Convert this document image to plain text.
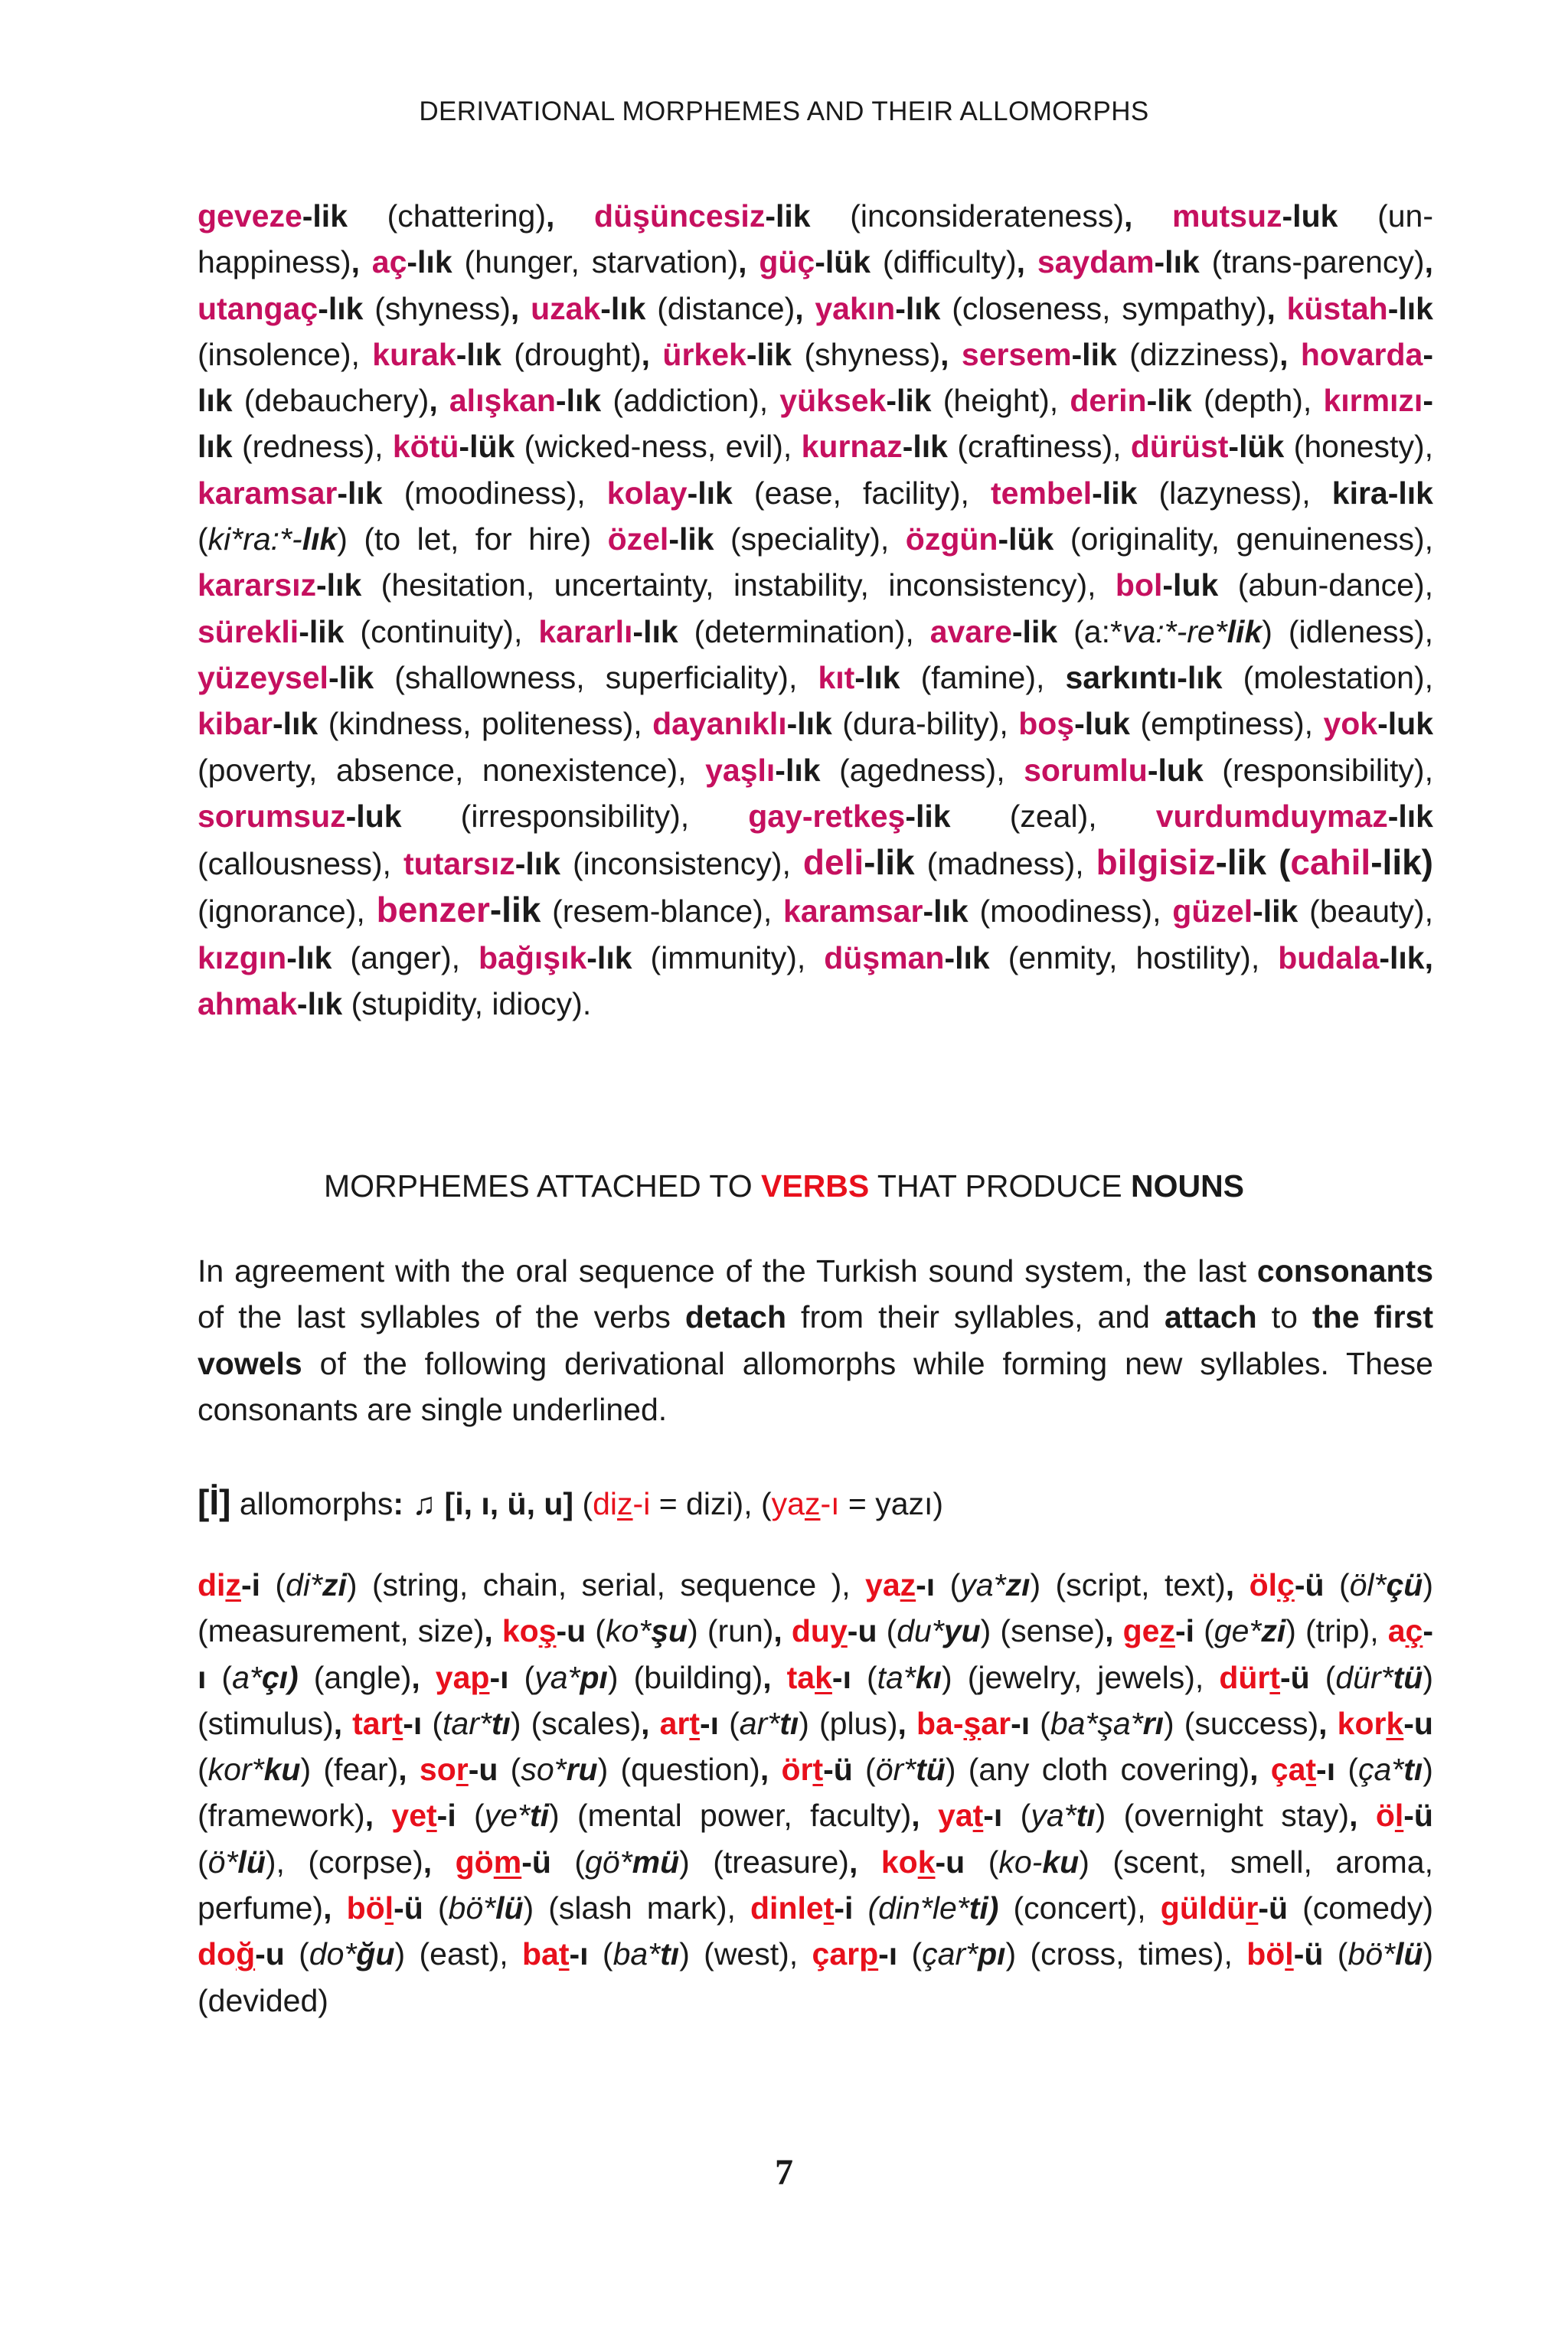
DERIVATIONAL MORPHEMES AND THEIR ALLOMORPHS
geveze-lik (chattering), düşüncesiz-lik (inconsiderateness), mutsuz-luk (un-happiness), aç-lık (hunger, starvation), güç-lük (difficulty), saydam-lık (trans-parency), utangaç-lık (shyness), uzak-lık (distance), yakın-lık (closeness, sympathy), küstah-lık (insolence), kurak-lık (drought), ürkek-lik (shyness), sersem-lik (dizziness), hovarda-lık (debauchery), alışkan-lık (addiction), yüksek-lik (height), derin-lik (depth), kırmızı-lık (redness), kötü-lük (wicked-ness, evil), kurnaz-lık (craftiness), dürüst-lük (honesty), karamsar-lık (moodiness), kolay-lık (ease, facility), tembel-lik (lazyness), kira-lık (ki*ra:*-lık) (to let, for hire) özel-lik (speciality), özgün-lük (originality, genuineness), kararsız-lık (hesitation, uncertainty, instability, inconsistency), bol-luk (abun-dance), sürekli-lik (continuity), kararlı-lık (determination), avare-lik (a:*va:*-re*lik) (idleness), yüzeysel-lik (shallowness, superficiality), kıt-lık (famine), sarkıntı-lık (molestation), kibar-lık (kindness, politeness), dayanıklı-lık (dura-bility), boş-luk (emptiness), yok-luk (poverty, absence, nonexistence), yaşlı-lık (agedness), sorumlu-luk (responsibility), sorumsuz-luk (irresponsibility), gay-retkeş-lik (zeal), vurdumduymaz-lık (callousness), tutarsız-lık (inconsistency), deli-lik (madness), bilgisiz-lik (cahil-lik) (ignorance), benzer-lik (resem-blance), karamsar-lık (moodiness), güzel-lik (beauty), kızgın-lık (anger), bağışık-lık (immunity), düşman-lık (enmity, hostility), budala-lık, ahmak-lık (stupidity, idiocy).
MORPHEMES ATTACHED TO VERBS THAT PRODUCE NOUNS
In agreement with the oral sequence of the Turkish sound system, the last consonants of the last syllables of the verbs detach from their syllables, and attach to the first vowels of the following derivational allomorphs while forming new syllables. These consonants are single underlined.
[İ] allomorphs: ♫ [i, ı, ü, u] (diz-i = dizi), (yaz-ı = yazı)
diz-i (di*zi) (string, chain, serial, sequence ), yaz-ı (ya*zı) (script, text), ölç-ü (öl*çü) (measurement, size), koş-u (ko*şu) (run), duy-u (du*yu) (sense), gez-i (ge*zi) (trip), aç-ı (a*çı) (angle), yap-ı (ya*pı) (building), tak-ı (ta*kı) (jewelry, jewels), dürt-ü (dür*tü) (stimulus), tart-ı (tar*tı) (scales), art-ı (ar*tı) (plus), ba-şar-ı (ba*şa*rı) (success), kork-u (kor*ku) (fear), sor-u (so*ru) (question), ört-ü (ör*tü) (any cloth covering), çat-ı (ça*tı) (framework), yet-i (ye*ti) (mental power, faculty), yat-ı (ya*tı) (overnight stay), öl-ü (ö*lü), (corpse), göm-ü (gö*mü) (treasure), kok-u (ko-ku) (scent, smell, aroma, perfume), böl-ü (bö*lü) (slash mark), dinlet-i (din*le*ti) (concert), güldür-ü (comedy) doğ-u (do*ğu) (east), bat-ı (ba*tı) (west), çarp-ı (çar*pı) (cross, times), böl-ü (bö*lü) (devided)
7
